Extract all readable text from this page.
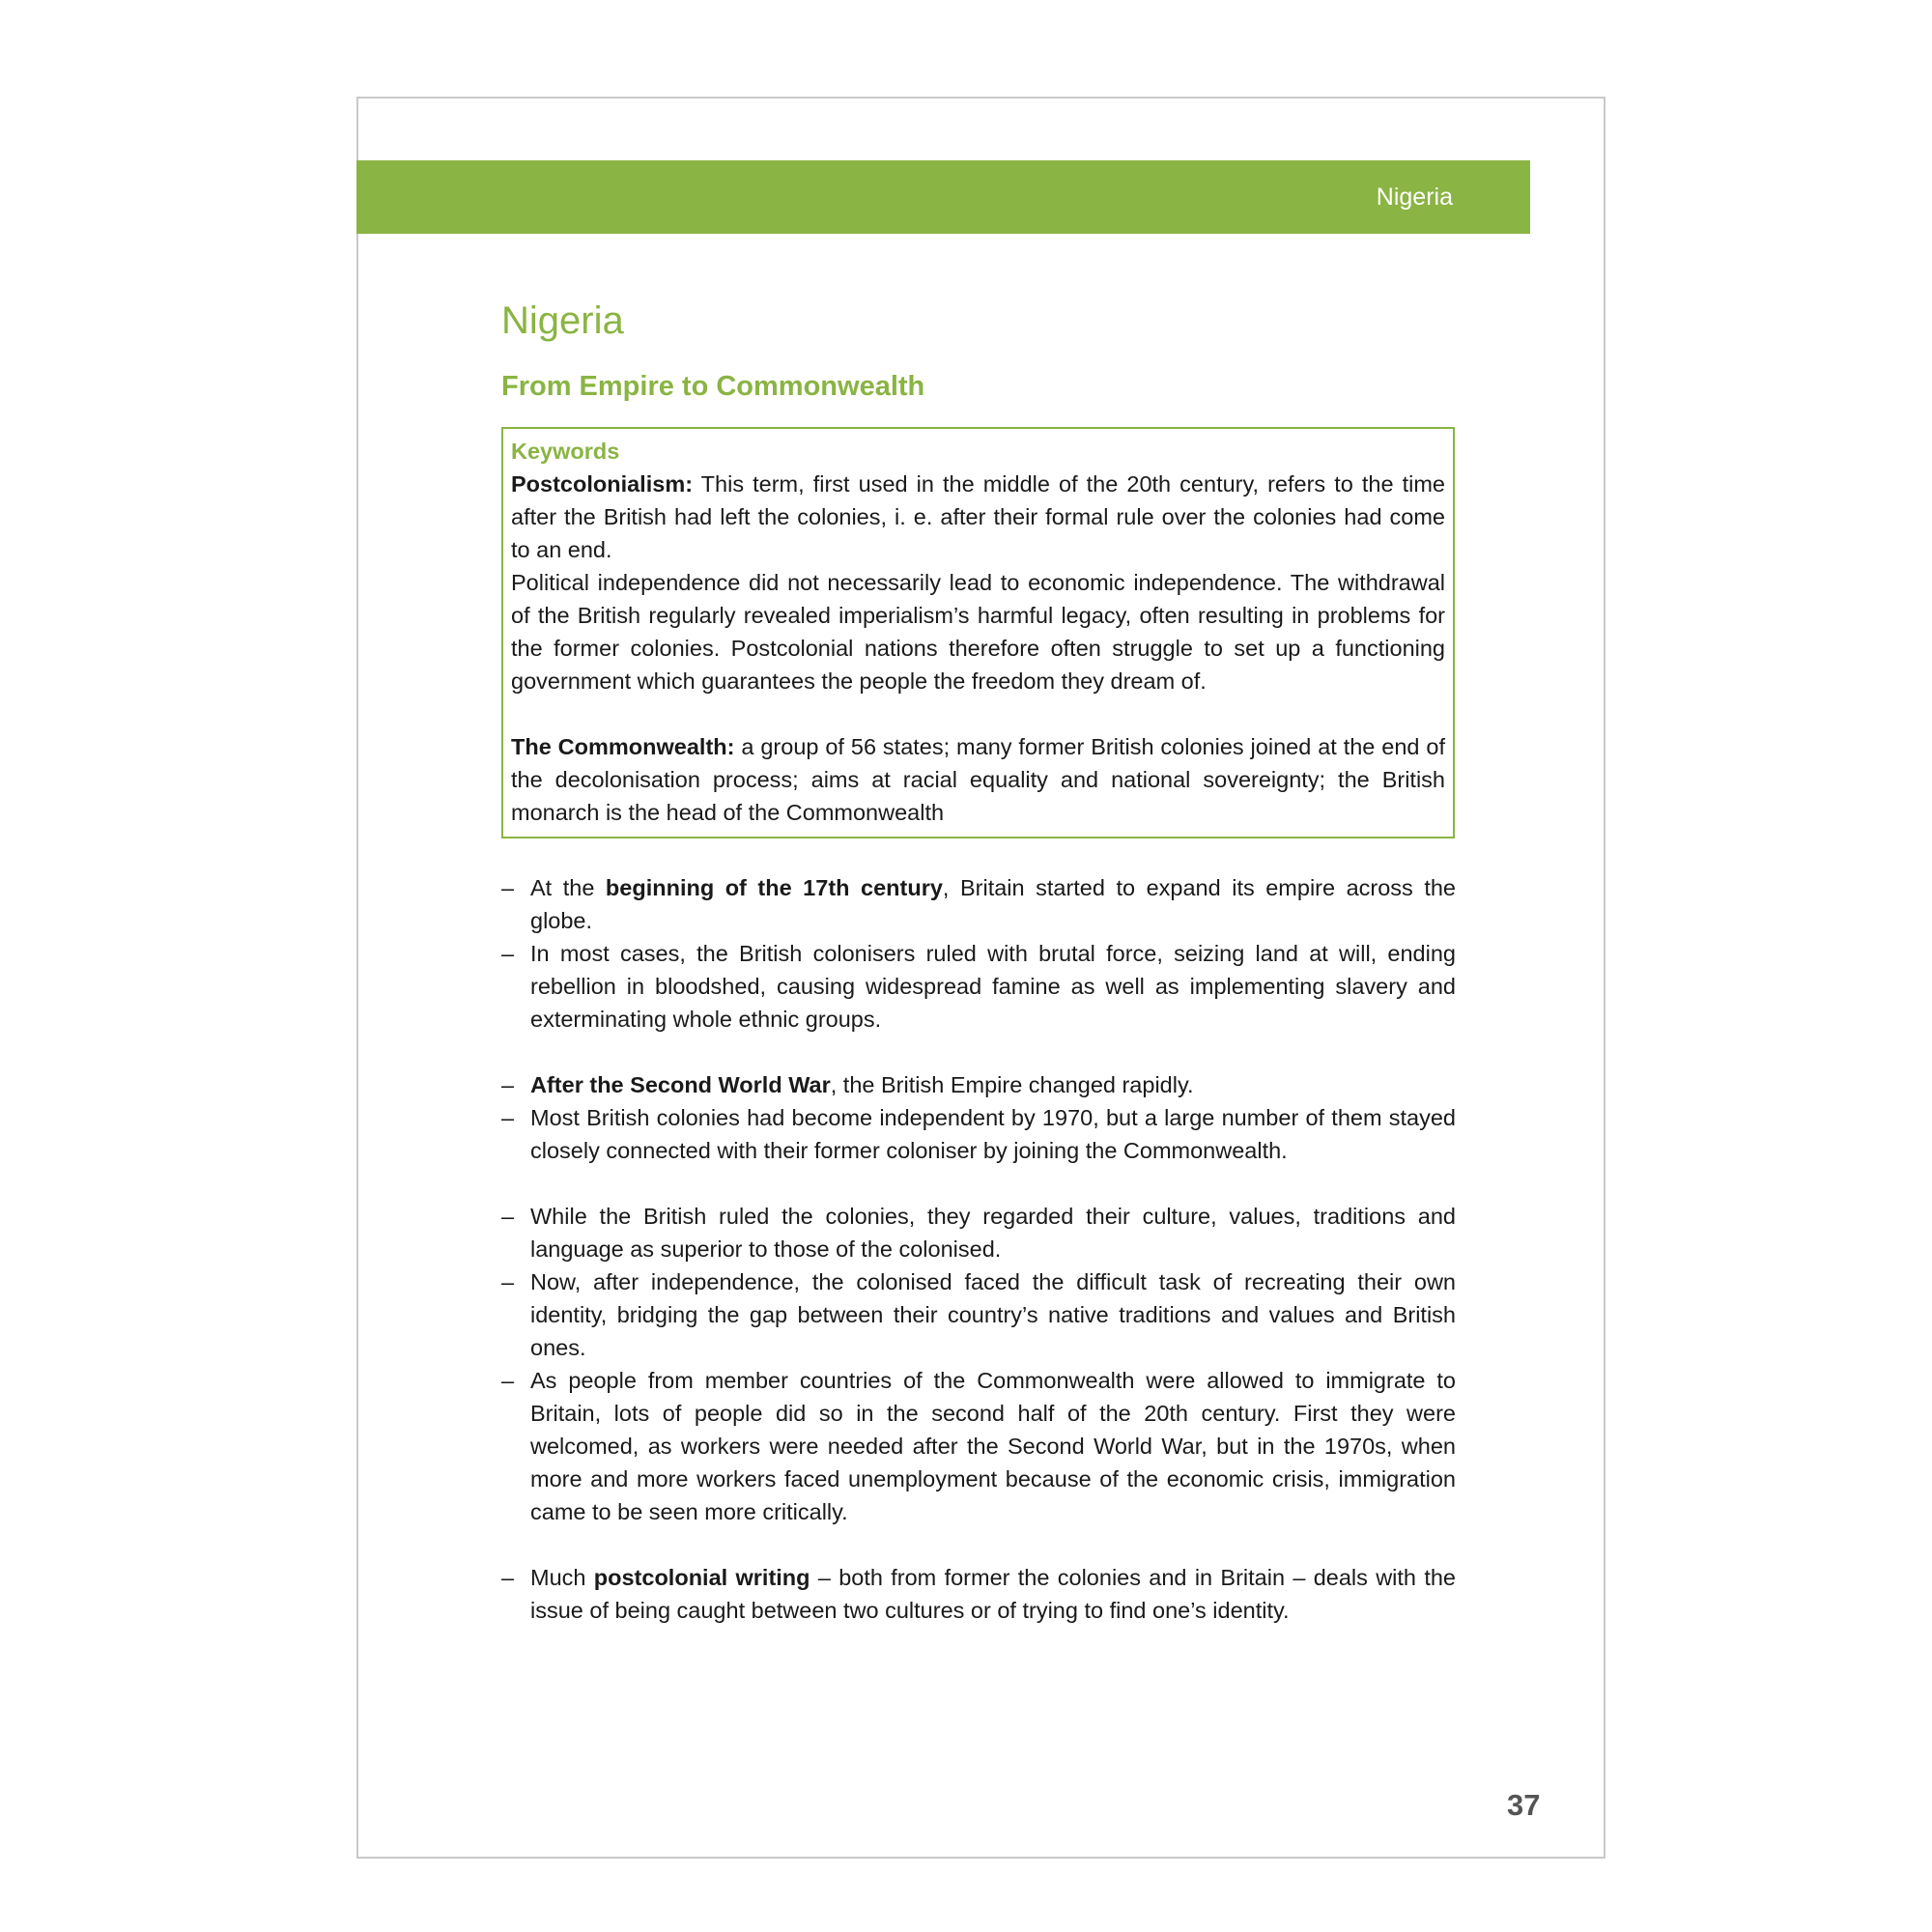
Nigeria
Nigeria
From Empire to Commonwealth
Keywords

Postcolonialism: This term, first used in the middle of the 20th century, refers to the time after the British had left the colonies, i. e. after their formal rule over the colonies had come to an end.

Political independence did not necessarily lead to economic independence. The withdrawal of the British regularly revealed imperialism’s harmful legacy, often resulting in problems for the former colonies. Postcolonial nations therefore often struggle to set up a functioning government which guarantees the people the freedom they dream of.

The Commonwealth: a group of 56 states; many former British colonies joined at the end of the decolonisation process; aims at racial equality and national sovereignty; the British monarch is the head of the Commonwealth

– At the beginning of the 17th century, Britain started to expand its empire across the globe.

– In most cases, the British colonisers ruled with brutal force, seizing land at will, ending rebellion in bloodshed, causing widespread famine as well as implementing slavery and exterminating whole ethnic groups.

– After the Second World War, the British Empire changed rapidly.

– Most British colonies had become independent by 1970, but a large number of them stayed closely connected with their former coloniser by joining the Commonwealth.

– While the British ruled the colonies, they regarded their culture, values, traditions and language as superior to those of the colonised.

– Now, after independence, the colonised faced the difficult task of recreating their own identity, bridging the gap between their country’s native traditions and values and British ones.

– As people from member countries of the Commonwealth were allowed to immigrate to Britain, lots of people did so in the second half of the 20th century. First they were welcomed, as workers were needed after the Second World War, but in the 1970s, when more and more workers faced unemployment because of the economic crisis, immigration came to be seen more critically.

– Much postcolonial writing – both from former the colonies and in Britain – deals with the issue of being caught between two cultures or of trying to find one’s identity.

37
